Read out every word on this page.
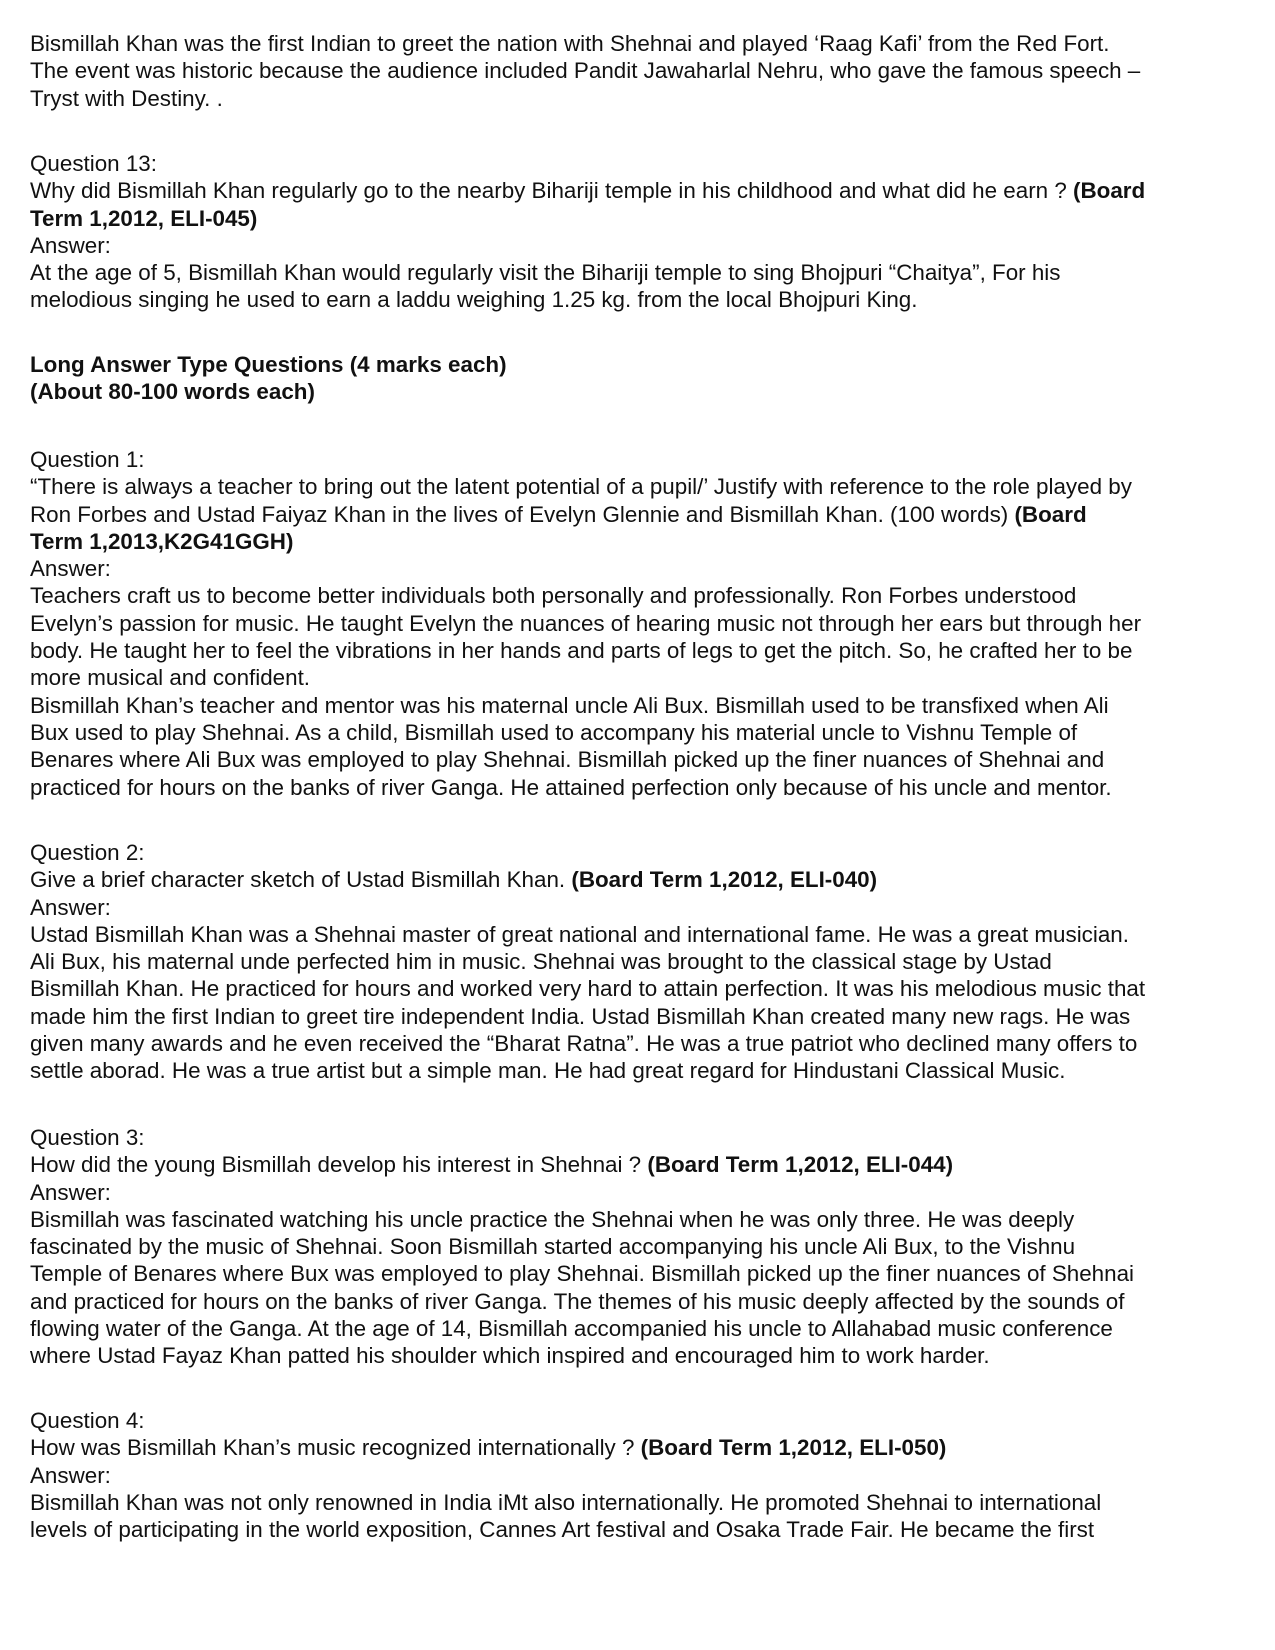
Bismillah Khan was the first Indian to greet the nation with Shehnai and played ‘Raag Kafi’ from the Red Fort.
The event was historic because the audience included Pandit Jawaharlal Nehru, who gave the famous speech –
Tryst with Destiny. .
Question 13:
Why did Bismillah Khan regularly go to the nearby Bihariji temple in his childhood and what did he earn ? (Board
Term 1,2012, ELI-045)
Answer:
At the age of 5, Bismillah Khan would regularly visit the Bihariji temple to sing Bhojpuri “Chaitya”, For his
melodious singing he used to earn a laddu weighing 1.25 kg. from the local Bhojpuri King.
Long Answer Type Questions (4 marks each)
(About 80-100 words each)
Question 1:
“There is always a teacher to bring out the latent potential of a pupil/’ Justify with reference to the role played by
Ron Forbes and Ustad Faiyaz Khan in the lives of Evelyn Glennie and Bismillah Khan. (100 words) (Board
Term 1,2013,K2G41GGH)
Answer:
Teachers craft us to become better individuals both personally and professionally. Ron Forbes understood
Evelyn’s passion for music. He taught Evelyn the nuances of hearing music not through her ears but through her
body. He taught her to feel the vibrations in her hands and parts of legs to get the pitch. So, he crafted her to be
more musical and confident.
Bismillah Khan’s teacher and mentor was his maternal uncle Ali Bux. Bismillah used to be transfixed when Ali
Bux used to play Shehnai. As a child, Bismillah used to accompany his material uncle to Vishnu Temple of
Benares where Ali Bux was employed to play Shehnai. Bismillah picked up the finer nuances of Shehnai and
practiced for hours on the banks of river Ganga. He attained perfection only because of his uncle and mentor.
Question 2:
Give a brief character sketch of Ustad Bismillah Khan. (Board Term 1,2012, ELI-040)
Answer:
Ustad Bismillah Khan was a Shehnai master of great national and international fame. He was a great musician.
Ali Bux, his maternal unde perfected him in music. Shehnai was brought to the classical stage by Ustad
Bismillah Khan. He practiced for hours and worked very hard to attain perfection. It was his melodious music that
made him the first Indian to greet tire independent India. Ustad Bismillah Khan created many new rags. He was
given many awards and he even received the “Bharat Ratna”. He was a true patriot who declined many offers to
settle aborad. He was a true artist but a simple man. He had great regard for Hindustani Classical Music.
Question 3:
How did the young Bismillah develop his interest in Shehnai ? (Board Term 1,2012, ELI-044)
Answer:
Bismillah was fascinated watching his uncle practice the Shehnai when he was only three. He was deeply
fascinated by the music of Shehnai. Soon Bismillah started accompanying his uncle Ali Bux, to the Vishnu
Temple of Benares where Bux was employed to play Shehnai. Bismillah picked up the finer nuances of Shehnai
and practiced for hours on the banks of river Ganga. The themes of his music deeply affected by the sounds of
flowing water of the Ganga. At the age of 14, Bismillah accompanied his uncle to Allahabad music conference
where Ustad Fayaz Khan patted his shoulder which inspired and encouraged him to work harder.
Question 4:
How was Bismillah Khan’s music recognized internationally ? (Board Term 1,2012, ELI-050)
Answer:
Bismillah Khan was not only renowned in India iMt also internationally. He promoted Shehnai to international
levels of participating in the world exposition, Cannes Art festival and Osaka Trade Fair. He became the first
